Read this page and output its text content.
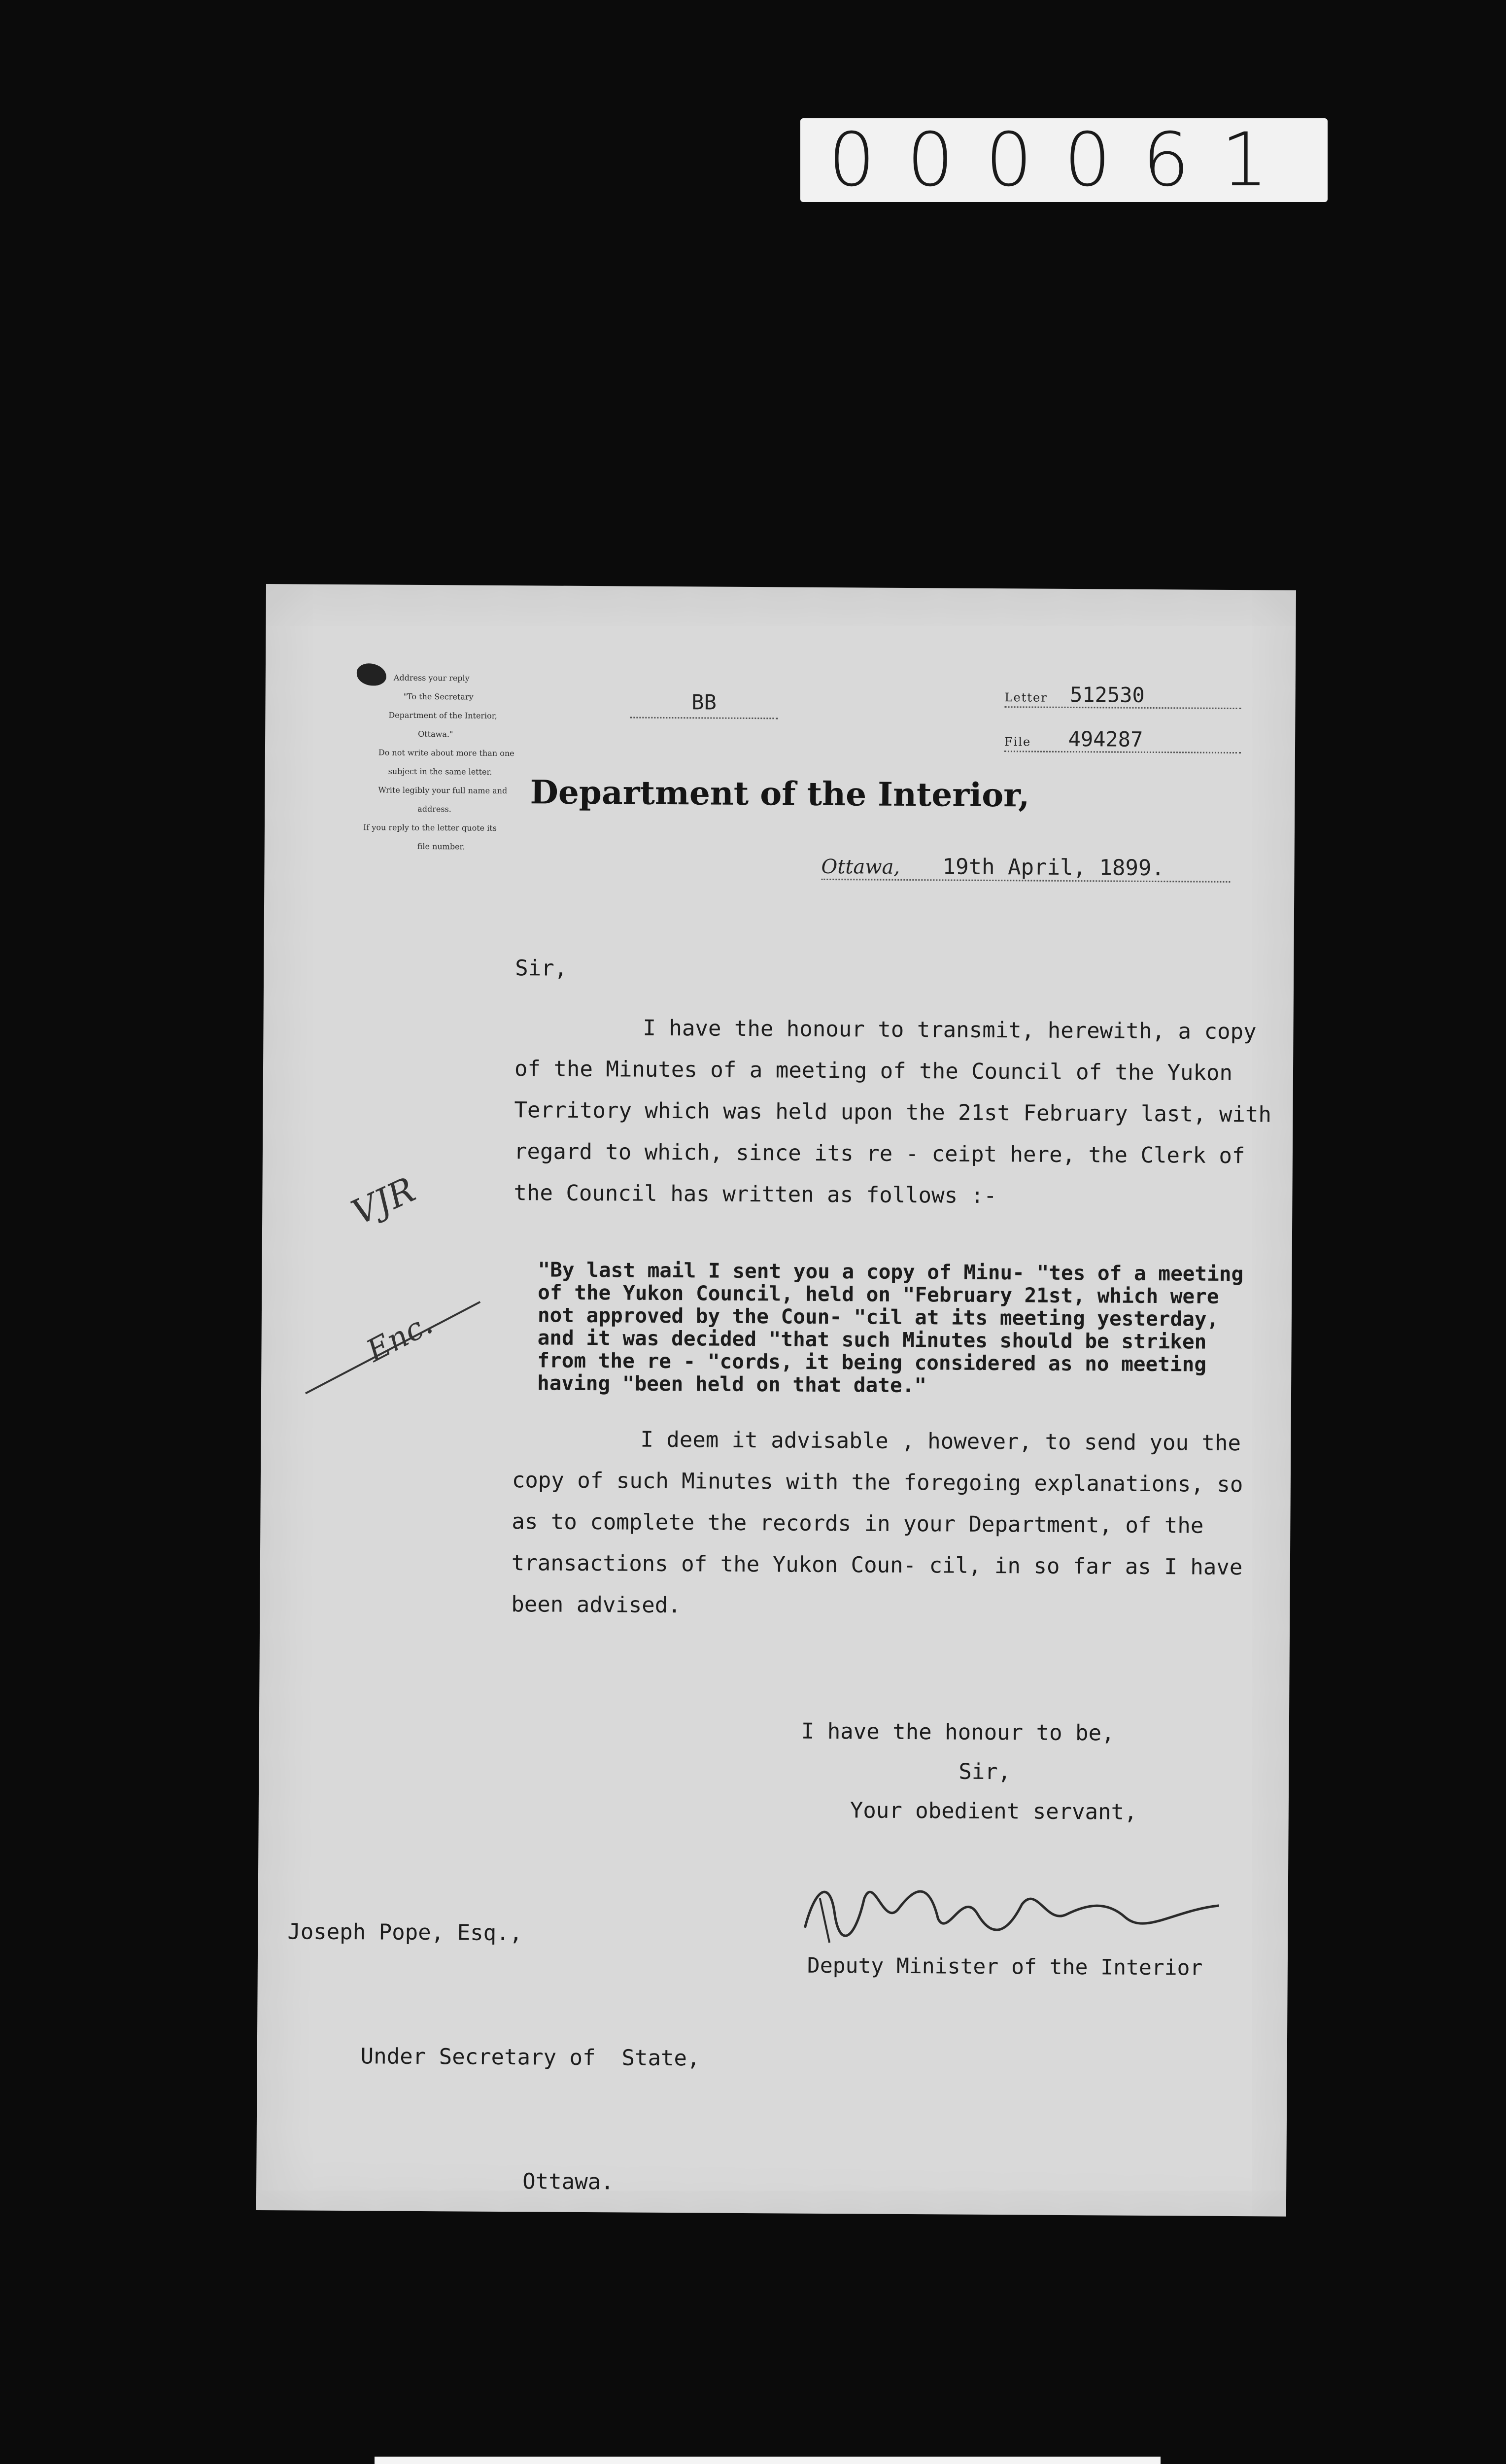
000061

Address your reply

"To the Secretary

Department of the Interior,

Ottawa."

Do not write about more than one

subject in the same letter.

Write legibly your full name and

address.

If you reply to the letter quote its

file number.

BB	Letter 512530
File 494287
Department of the Interior,
Ottawa, 19th April, 1899.
Sir,
I have the honour to transmit, herewith, a copy of the Minutes of a meeting of the Council of the Yukon Territory which was held upon the 21st February last, with regard to which, since its re - ceipt here, the Clerk of the Council has written as follows :-
"By last mail I sent you a copy of Minu- "tes of a meeting of the Yukon Council, held on "February 21st, which were not approved by the Coun- "cil at its meeting yesterday, and it was decided "that such Minutes should be striken from the re - "cords, it being considered as no meeting having "been held on that date."
I deem it advisable , however, to send you the copy of such Minutes with the foregoing explanations, so as to complete the records in your Department, of the transactions of the Yukon Coun- cil, in so far as I have been advised.
I have the honour to be,
Sir,
Your obedient servant,

Joseph Pope, Esq.,

Under Secretary of  State,

Ottawa.

Deputy Minister of the Interior
VJR
Enc.
